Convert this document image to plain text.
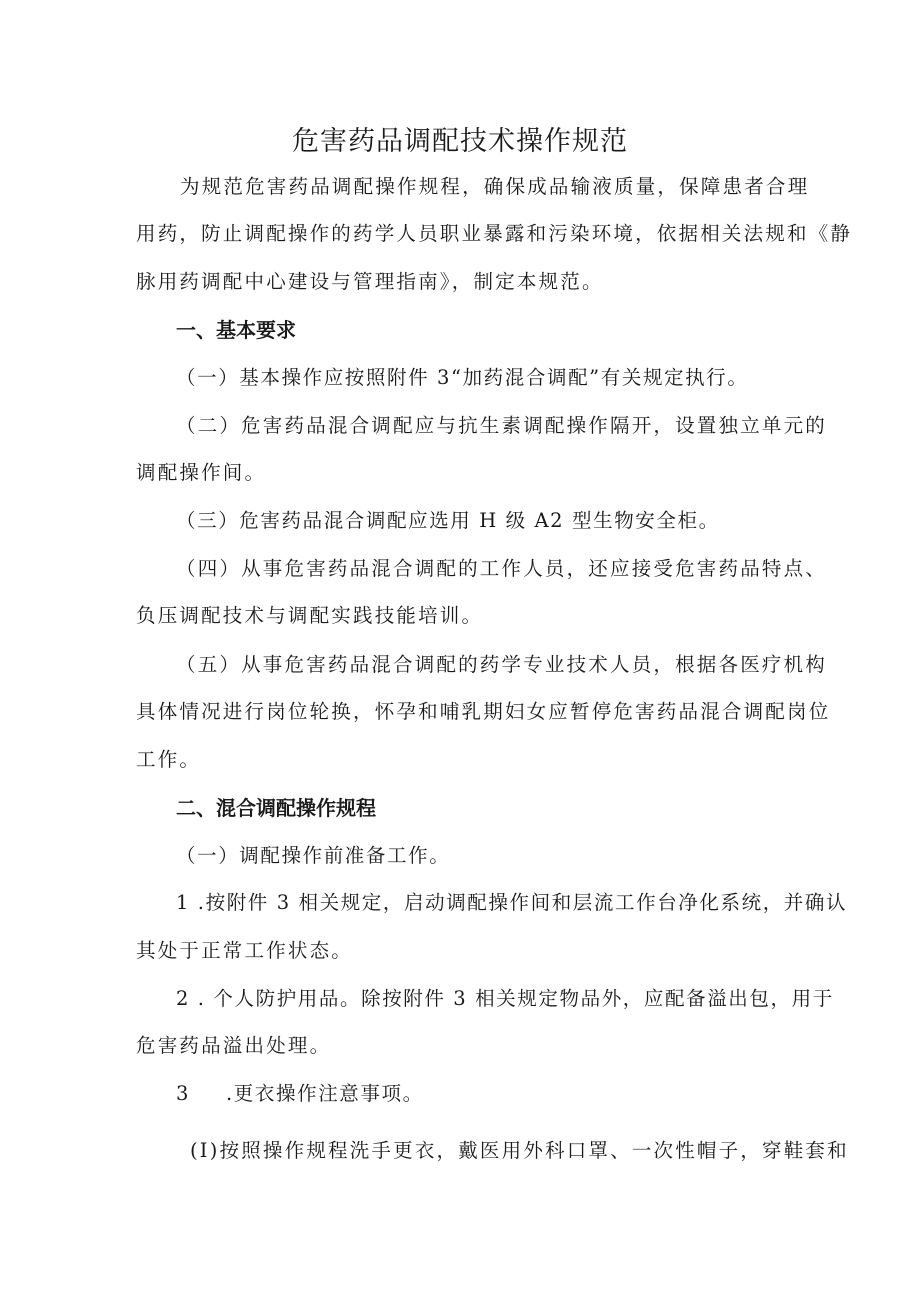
危害药品调配技术操作规范
为规范危害药品调配操作规程，确保成品输液质量，保障患者合理
用药，防止调配操作的药学人员职业暴露和污染环境，依据相关法规和《静
脉用药调配中心建设与管理指南》，制定本规范。
一、基本要求
（一）基本操作应按照附件 3“加药混合调配”有关规定执行。
（二）危害药品混合调配应与抗生素调配操作隔开，设置独立单元的
调配操作间。
（三）危害药品混合调配应选用 H 级 A2 型生物安全柜。
（四）从事危害药品混合调配的工作人员，还应接受危害药品特点、
负压调配技术与调配实践技能培训。
（五）从事危害药品混合调配的药学专业技术人员，根据各医疗机构
具体情况进行岗位轮换，怀孕和哺乳期妇女应暂停危害药品混合调配岗位
工作。
二、混合调配操作规程
（一）调配操作前准备工作。
1 .按附件 3 相关规定，启动调配操作间和层流工作台净化系统，并确认
其处于正常工作状态。
2 . 个人防护用品。除按附件 3 相关规定物品外，应配备溢出包，用于
危害药品溢出处理。
3 .更衣操作注意事项。
(I)按照操作规程洗手更衣，戴医用外科口罩、一次性帽子，穿鞋套和
